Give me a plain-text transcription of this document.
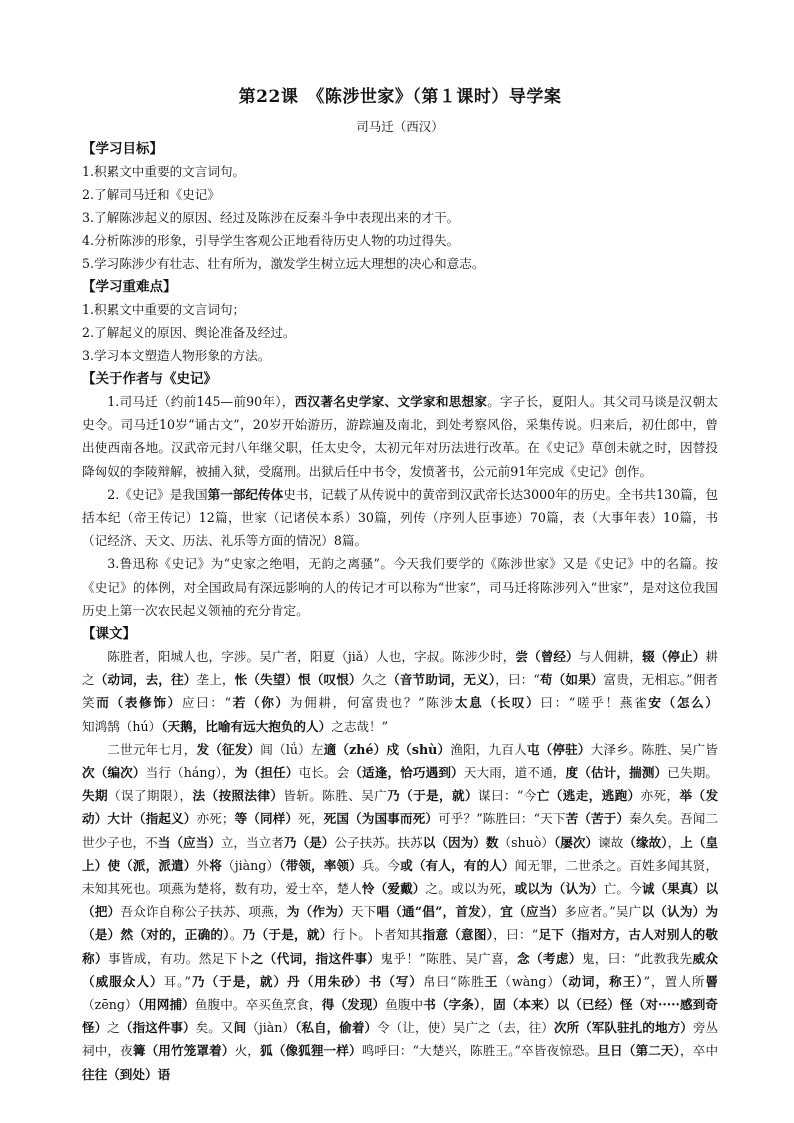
第22课　《陈涉世家》（第１课时）导学案
司马迁（西汉）
【学习目标】
1.积累文中重要的文言词句。
2.了解司马迁和《史记》
3.了解陈涉起义的原因、经过及陈涉在反秦斗争中表现出来的才干。
4.分析陈涉的形象，引导学生客观公正地看待历史人物的功过得失。
5.学习陈涉少有壮志、壮有所为，激发学生树立远大理想的决心和意志。
【学习重难点】
1.积累文中重要的文言词句；
2.了解起义的原因、舆论准备及经过。
3.学习本文塑造人物形象的方法。
【关于作者与《史记》

1.司马迁（约前145—前90年），西汉著名史学家、文学家和思想家。字子长，夏阳人。其父司马谈是汉朝太史令。司马迁10岁“诵古文”，20岁开始游历，游踪遍及南北，到处考察风俗，采集传说。归来后，初仕郎中，曾出使西南各地。汉武帝元封八年继父职，任太史令，太初元年对历法进行改革。在《史记》草创未就之时，因替投降匈奴的李陵辩解，被捕入狱，受腐刑。出狱后任中书令，发愤著书，公元前91年完成《史记》创作。

2.《史记》是我国第一部纪传体史书，记载了从传说中的黄帝到汉武帝长达3000年的历史。全书共130篇，包括本纪（帝王传记）12篇，世家（记诸侯本系）30篇，列传（序列人臣事迹）70篇，表（大事年表）10篇，书（记经济、天文、历法、礼乐等方面的情况）8篇。

3.鲁迅称《史记》为“史家之绝唱，无韵之离骚”。今天我们要学的《陈涉世家》又是《史记》中的名篇。按《史记》的体例，对全国政局有深远影响的人的传记才可以称为“世家”，司马迁将陈涉列入“世家”，是对这位我国历史上第一次农民起义领袖的充分肯定。

【课文】

陈胜者，阳城人也，字涉。吴广者，阳夏（jiǎ）人也，字叔。陈涉少时，尝（曾经）与人佣耕，辍（停止）耕之（动词，去，往）垄上，怅（失望）恨（叹恨）久之（音节助词，无义），曰：“苟（如果）富贵，无相忘。”佣者笑而（表修饰）应曰：“若（你）为佣耕，何富贵也？”陈涉太息（长叹）曰：“嗟乎！燕雀安（怎么）知鸿鹄（hú）（天鹅，比喻有远大抱负的人）之志哉！”

二世元年七月，发（征发）闾（lǘ）左適（zhé）戍（shù）渔阳，九百人屯（停驻）大泽乡。陈胜、吴广皆次（编次）当行（háng），为（担任）屯长。会（适逢，恰巧遇到）天大雨，道不通，度（估计，揣测）已失期。失期（误了期限），法（按照法律）皆斩。陈胜、吴广乃（于是，就）谋曰：“今亡（逃走，逃跑）亦死，举（发动）大计（指起义）亦死；等（同样）死，死国（为国事而死）可乎？”陈胜曰：“天下苦（苦于）秦久矣。吾闻二世少子也，不当（应当）立，当立者乃（是）公子扶苏。扶苏以（因为）数（shuò）（屡次）谏故（缘故），上（皇上）使（派，派遣）外将（jiàng）（带领，率领）兵。今或（有人，有的人）闻无罪，二世杀之。百姓多闻其贤，未知其死也。项燕为楚将，数有功，爱士卒，楚人怜（爱戴）之。或以为死，或以为（认为）亡。今诚（果真）以（把）吾众诈自称公子扶苏、项燕，为（作为）天下唱（通“倡”，首发），宜（应当）多应者。”吴广以（认为）为（是）然（对的，正确的）。乃（于是，就）行卜。卜者知其指意（意图），曰：“足下（指对方，古人对别人的敬称）事皆成，有功。然足下卜之（代词，指这件事）鬼乎！”陈胜、吴广喜，念（考虑）鬼，曰：“此教我先威众（威服众人）耳。”乃（于是，就）丹（用朱砂）书（写）帛曰“陈胜王（wàng）（动词，称王）”，置人所罾（zēng）（用网捕）鱼腹中。卒买鱼烹食，得（发现）鱼腹中书（字条），固（本来）以（已经）怪（对·····感到奇怪）之（指这件事）矣。又间（jiàn）（私自，偷着）令（让，使）吴广之（去，往）次所（军队驻扎的地方）旁丛祠中，夜篝（用竹笼罩着）火，狐（像狐狸一样）鸣呼曰：“大楚兴，陈胜王。”卒皆夜惊恐。旦日（第二天），卒中往往（到处）语
